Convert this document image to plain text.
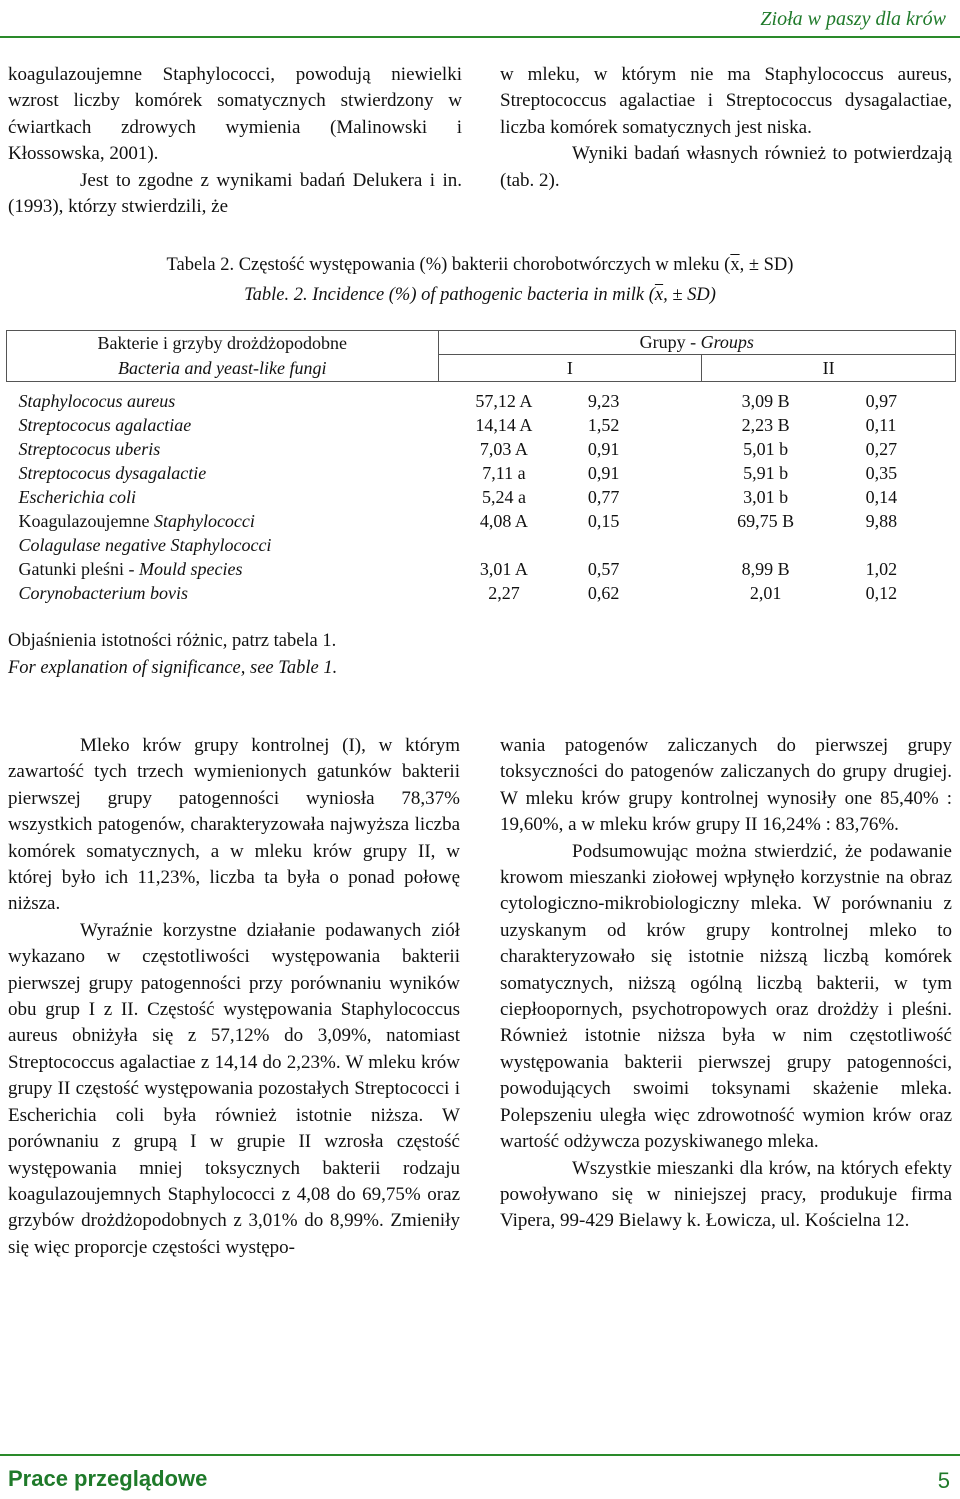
Zioła w paszy dla krów

koagulazoujemne Staphylococci, powodują niewielki wzrost liczby komórek somatycznych stwierdzony w ćwiartkach zdrowych wymienia (Malinowski i Kłossowska, 2001).

Jest to zgodne z wynikami badań Delukera i in. (1993), którzy stwierdzili, że

w mleku, w którym nie ma Staphylococcus aureus, Streptococcus agalactiae i Streptococcus dysagalactiae, liczba komórek somatycznych jest niska.

Wyniki badań własnych również to potwierdzają (tab. 2).

Tabela 2. Częstość występowania (%) bakterii chorobotwórczych w mleku ($\overline{x}$, ± SD)
Table. 2. Incidence (%) of pathogenic bacteria in milk ($\overline{x}$, ± SD)
Bakterie i grzyby drożdżopodobne
Bacteria and yeast-like fungi	Grupy - Groups			
	I		II	

Staphylococus aureus	57,12 A	9,23	3,09 B	0,97
Streptococus agalactiae	14,14 A	1,52	2,23 B	0,11
Streptococus uberis	7,03 A	0,91	5,01 b	0,27
Streptococus dysagalactie	7,11 a	0,91	5,91 b	0,35
Escherichia coli	5,24 a	0,77	3,01 b	0,14
Koagulazoujemne Staphylococci	4,08 A	0,15	69,75 B	9,88
Colagulase negative Staphylococci				
Gatunki pleśni - Mould species	3,01 A	0,57	8,99 B	1,02
Corynobacterium bovis	2,27	0,62	2,01	0,12
Objaśnienia istotności różnic, patrz tabela 1.
For explanation of significance, see Table 1.

Mleko krów grupy kontrolnej (I), w którym zawartość tych trzech wymienionych gatunków bakterii pierwszej grupy patogenności wyniosła 78,37% wszystkich patogenów, charakteryzowała najwyższa liczba komórek somatycznych, a w mleku krów grupy II, w której było ich 11,23%, liczba ta była o ponad połowę niższa.

Wyraźnie korzystne działanie podawanych ziół wykazano w częstotliwości występowania bakterii pierwszej grupy patogenności przy porównaniu wyników obu grup I z II. Częstość występowania Staphylococcus aureus obniżyła się z 57,12% do 3,09%, natomiast Streptococcus agalactiae z 14,14 do 2,23%. W mleku krów grupy II częstość występowania pozostałych Streptococci i Escherichia coli była również istotnie niższa. W porównaniu z grupą I w grupie II wzrosła częstość występowania mniej toksycznych bakterii rodzaju koagulazoujemnych Staphylococci z 4,08 do 69,75% oraz grzybów drożdżopodobnych z 3,01% do 8,99%. Zmieniły się więc proporcje częstości występo-

wania patogenów zaliczanych do pierwszej grupy toksyczności do patogenów zaliczanych do grupy drugiej. W mleku krów grupy kontrolnej wynosiły one 85,40% : 19,60%, a w mleku krów grupy II 16,24% : 83,76%.

Podsumowując można stwierdzić, że podawanie krowom mieszanki ziołowej wpłynęło korzystnie na obraz cytologiczno-mikrobiologiczny mleka. W porównaniu z uzyskanym od krów grupy kontrolnej mleko to charakteryzowało się istotnie niższą liczbą komórek somatycznych, niższą ogólną liczbą bakterii, w tym ciepłoopornych, psychotropowych oraz drożdży i pleśni. Również istotnie niższa była w nim częstotliwość występowania bakterii pierwszej grupy patogenności, powodujących swoimi toksynami skażenie mleka. Polepszeniu uległa więc zdrowotność wymion krów oraz wartość odżywcza pozyskiwanego mleka.

Wszystkie mieszanki dla krów, na których efekty powoływano się w niniejszej pracy, produkuje firma Vipera, 99-429 Bielawy k. Łowicza, ul. Kościelna 12.

Prace przeglądowe	5
